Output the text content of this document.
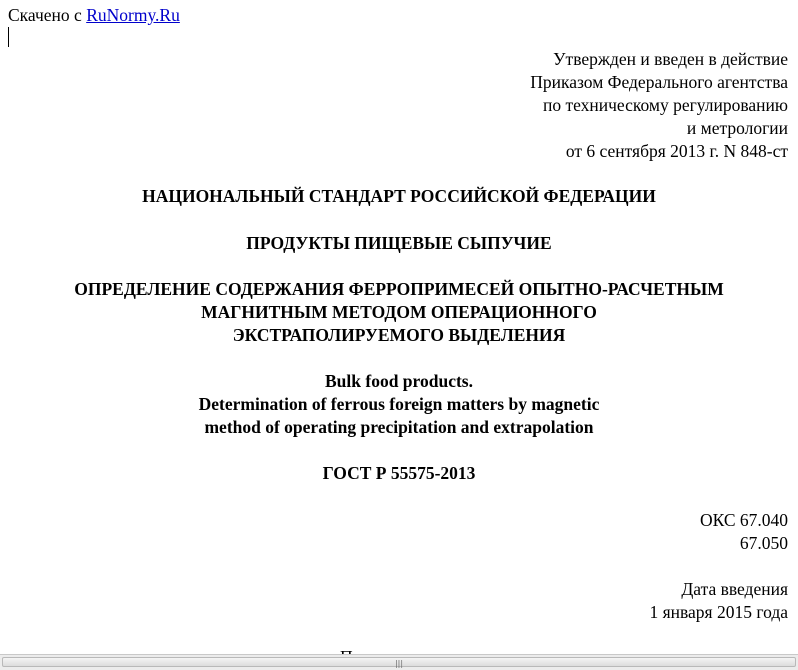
Скачено с RuNormy.Ru
Утвержден и введен в действие
Приказом Федерального агентства
по техническому регулированию
и метрологии
от 6 сентября 2013 г. N 848-ст
НАЦИОНАЛЬНЫЙ СТАНДАРТ РОССИЙСКОЙ ФЕДЕРАЦИИ
ПРОДУКТЫ ПИЩЕВЫЕ СЫПУЧИЕ
ОПРЕДЕЛЕНИЕ СОДЕРЖАНИЯ ФЕРРОПРИМЕСЕЙ ОПЫТНО-РАСЧЕТНЫМ
МАГНИТНЫМ МЕТОДОМ ОПЕРАЦИОННОГО
ЭКСТРАПОЛИРУЕМОГО ВЫДЕЛЕНИЯ
Bulk food products.
Determination of ferrous foreign matters by magnetic
method of operating precipitation and extrapolation
ГОСТ Р 55575-2013
ОКС 67.040
67.050
Дата введения
1 января 2015 года
|||
